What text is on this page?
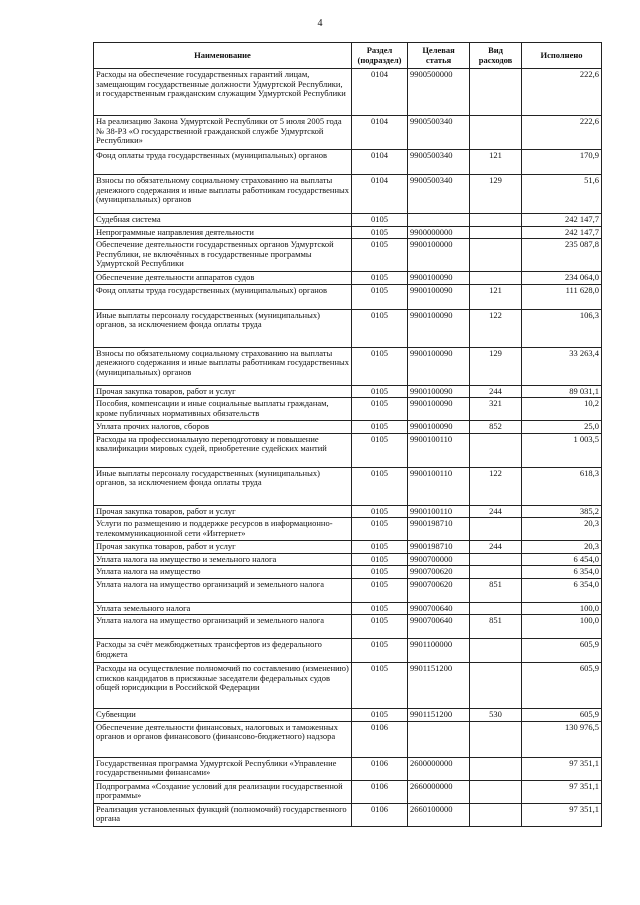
4
Наименование	Раздел (подраздел)	Целевая статья	Вид расходов	Исполнено
Расходы на обеспечение государственных гарантий лицам, замещающим государственные должности Удмуртской Республики, и государственным гражданским служащим Удмуртской Республики	0104	9900500000		222,6
На реализацию Закона Удмуртской Республики от 5 июля 2005 года № 38-РЗ «О государственной гражданской службе Удмуртской Республики»	0104	9900500340		222,6
Фонд оплаты труда государственных (муниципальных) органов	0104	9900500340	121	170,9
Взносы по обязательному социальному страхованию на выплаты денежного содержания и иные выплаты работникам государственных (муниципальных) органов	0104	9900500340	129	51,6
Судебная система	0105			242 147,7
Непрограммные направления деятельности	0105	9900000000		242 147,7
Обеспечение деятельности государственных органов Удмуртской Республики, не включённых в государственные программы Удмуртской Республики	0105	9900100000		235 087,8
Обеспечение деятельности аппаратов судов	0105	9900100090		234 064,0
Фонд оплаты труда государственных (муниципальных) органов	0105	9900100090	121	111 628,0
Иные выплаты персоналу государственных (муниципальных) органов, за исключением фонда оплаты труда	0105	9900100090	122	106,3
Взносы по обязательному социальному страхованию на выплаты денежного содержания и иные выплаты работникам государственных (муниципальных) органов	0105	9900100090	129	33 263,4
Прочая закупка товаров, работ и услуг	0105	9900100090	244	89 031,1
Пособия, компенсации и иные социальные выплаты гражданам, кроме публичных нормативных обязательств	0105	9900100090	321	10,2
Уплата прочих налогов, сборов	0105	9900100090	852	25,0
Расходы на профессиональную переподготовку и повышение квалификации мировых судей, приобретение судейских мантий	0105	9900100110		1 003,5
Иные выплаты персоналу государственных (муниципальных) органов, за исключением фонда оплаты труда	0105	9900100110	122	618,3
Прочая закупка товаров, работ и услуг	0105	9900100110	244	385,2
Услуги по размещению и поддержке ресурсов в информационно-телекоммуникационной сети «Интернет»	0105	9900198710		20,3
Прочая закупка товаров, работ и услуг	0105	9900198710	244	20,3
Уплата налога на имущество и земельного налога	0105	9900700000		6 454,0
Уплата налога на имущество	0105	9900700620		6 354,0
Уплата налога на имущество организаций и земельного налога	0105	9900700620	851	6 354,0
Уплата земельного налога	0105	9900700640		100,0
Уплата налога на имущество организаций и земельного налога	0105	9900700640	851	100,0
Расходы за счёт межбюджетных трансфертов из федерального бюджета	0105	9901100000		605,9
Расходы на осуществление полномочий по составлению (изменению) списков кандидатов в присяжные заседатели федеральных судов общей юрисдикции в Российской Федерации	0105	9901151200		605,9
Субвенции	0105	9901151200	530	605,9
Обеспечение деятельности финансовых, налоговых и таможенных органов и органов финансового (финансово-бюджетного) надзора	0106			130 976,5
Государственная программа Удмуртской Республики «Управление государственными финансами»	0106	2600000000		97 351,1
Подпрограмма «Создание условий для реализации государственной программы»	0106	2660000000		97 351,1
Реализация установленных функций (полномочий) государственного органа	0106	2660100000		97 351,1
